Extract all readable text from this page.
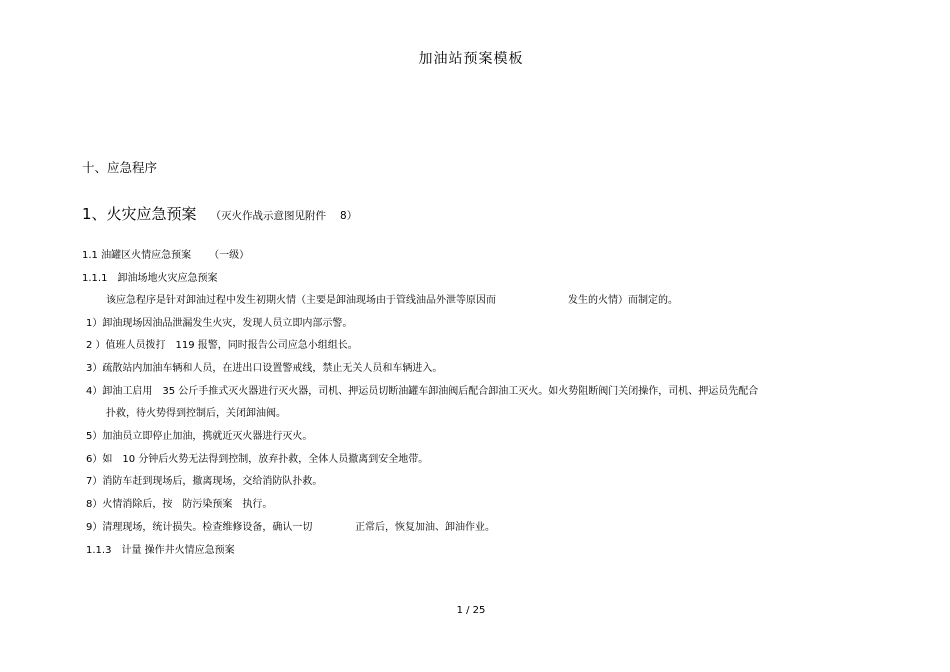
加油站预案模板
十、应急程序
1、火灾应急预案 （灭火作战示意图见附件 8）
1.1 油罐区火情应急预案 （一级）
1.1.1　卸油场地火灾应急预案
该应急程序是针对卸油过程中发生初期火情（主要是卸油现场由于管线油品外泄等原因而	发生的火情）而制定的。
1）卸油现场因油品泄漏发生火灾，发现人员立即内部示警。
2 ）值班人员拨打　119 报警，同时报告公司应急小组组长。
3）疏散站内加油车辆和人员，在进出口设置警戒线，禁止无关人员和车辆进入。
4）卸油工启用　35 公斤手推式灭火器进行灭火器，司机、押运员切断油罐车卸油阀后配合卸油工灭火。如火势阻断阀门关闭操作，司机、押运员先配合
扑救，待火势得到控制后，关闭卸油阀。
5）加油员立即停止加油，携就近灭火器进行灭火。
6）如　10 分钟后火势无法得到控制，放弃扑救，全体人员撤离到安全地带。
7）消防车赶到现场后，撤离现场，交给消防队扑救。
8）火情消除后，按　防污染预案　执行。
9）清理现场，统计损失。检查维修设备，确认一切	正常后，恢复加油、卸油作业。
1.1.3　计量 操作井火情应急预案
1 / 25
